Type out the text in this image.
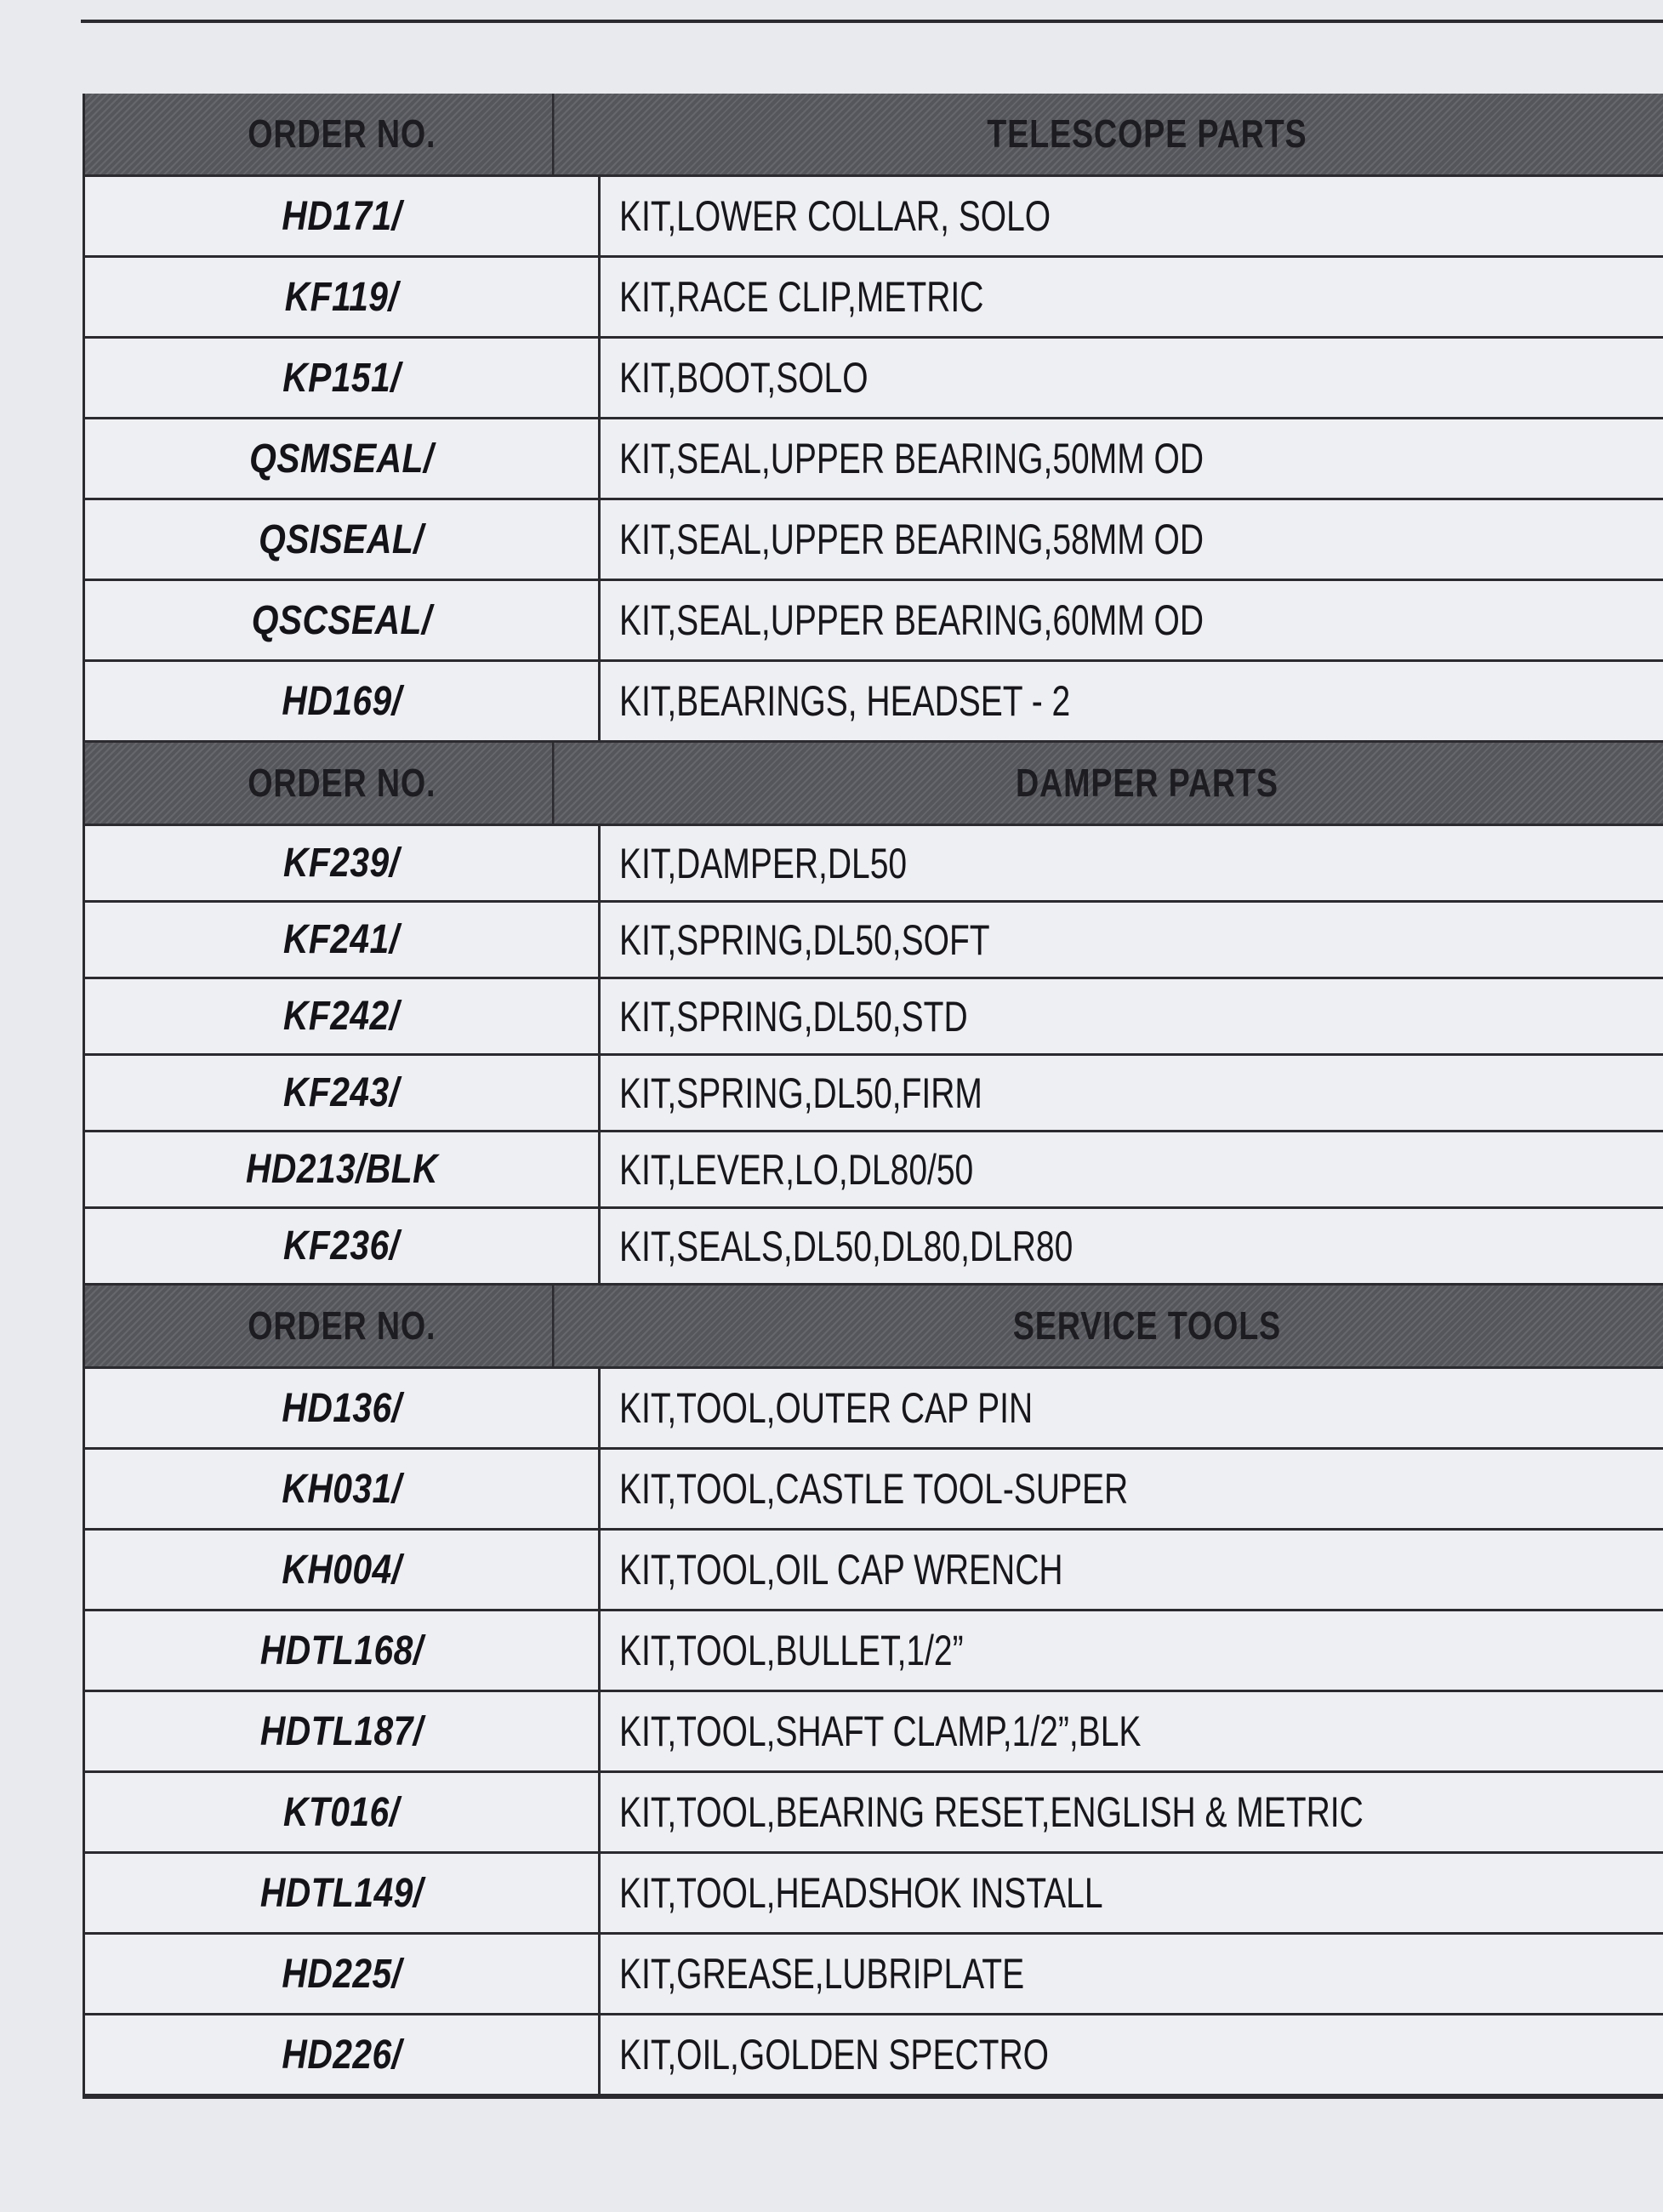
ORDER NO.	TELESCOPE PARTS
HD171/	KIT,LOWER COLLAR, SOLO
KF119/	KIT,RACE CLIP,METRIC
KP151/	KIT,BOOT,SOLO
QSMSEAL/	KIT,SEAL,UPPER BEARING,50MM OD
QSISEAL/	KIT,SEAL,UPPER BEARING,58MM OD
QSCSEAL/	KIT,SEAL,UPPER BEARING,60MM OD
HD169/	KIT,BEARINGS, HEADSET - 2
ORDER NO.	DAMPER PARTS
KF239/	KIT,DAMPER,DL50
KF241/	KIT,SPRING,DL50,SOFT
KF242/	KIT,SPRING,DL50,STD
KF243/	KIT,SPRING,DL50,FIRM
HD213/BLK	KIT,LEVER,LO,DL80/50
KF236/	KIT,SEALS,DL50,DL80,DLR80
ORDER NO.	SERVICE TOOLS
HD136/	KIT,TOOL,OUTER CAP PIN
KH031/	KIT,TOOL,CASTLE TOOL-SUPER
KH004/	KIT,TOOL,OIL CAP WRENCH
HDTL168/	KIT,TOOL,BULLET,1/2”
HDTL187/	KIT,TOOL,SHAFT CLAMP,1/2”,BLK
KT016/	KIT,TOOL,BEARING RESET,ENGLISH & METRIC
HDTL149/	KIT,TOOL,HEADSHOK INSTALL
HD225/	KIT,GREASE,LUBRIPLATE
HD226/	KIT,OIL,GOLDEN SPECTRO
